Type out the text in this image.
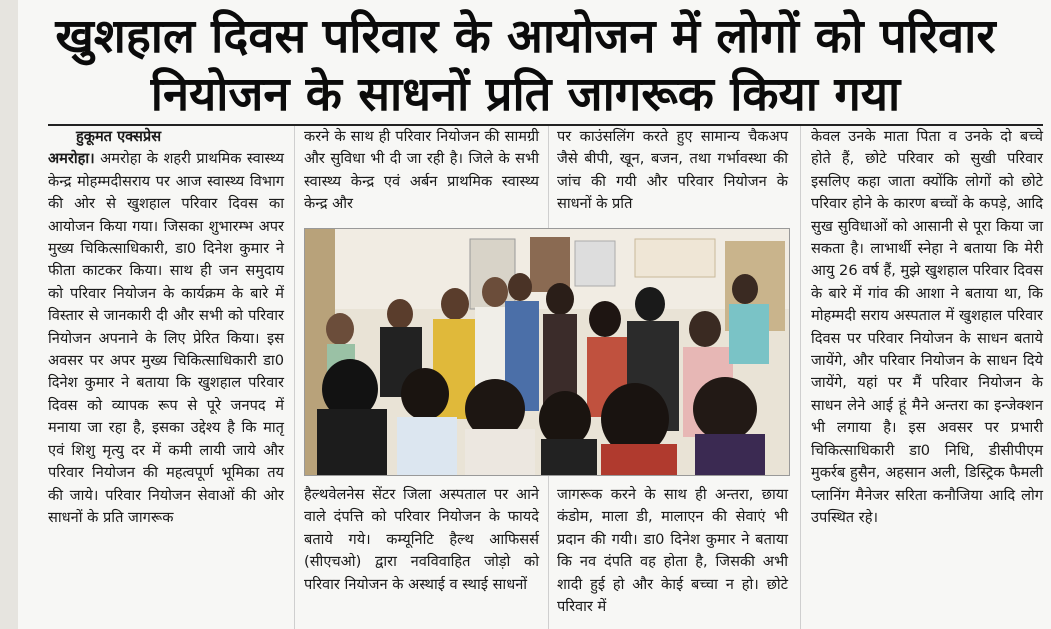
खुशहाल दिवस परिवार के आयोजन में लोगों को परिवार
नियोजन के साधनों प्रति जागरूक किया गया
हुकूमत एक्सप्रेस

अमरोहा। अमरोहा के शहरी प्राथमिक स्वास्थ्य केन्द्र मोहम्मदीसराय पर आज स्वास्थ्य विभाग की ओर से खुशहाल परिवार दिवस का आयोजन किया गया। जिसका शुभारम्भ अपर मुख्य चिकित्साधिकारी, डा0 दिनेश कुमार ने फीता काटकर किया। साथ ही जन समुदाय को परिवार नियोजन के कार्यक्रम के बारे में विस्तार से जानकारी दी और सभी को परिवार नियोजन अपनाने के लिए प्रेरित किया। इस अवसर पर अपर मुख्य चिकित्साधिकारी डा0 दिनेश कुमार ने बताया कि खुशहाल परिवार दिवस को व्यापक रूप से पूरे जनपद में मनाया जा रहा है, इसका उद्देश्य है कि मातृ एवं शिशु मृत्यु दर में कमी लायी जाये और परिवार नियोजन की महत्वपूर्ण भूमिका तय की जाये। परिवार नियोजन सेवाओं की ओर साधनों के प्रति जागरूक

करने के साथ ही परिवार नियोजन की सामग्री और सुविधा भी दी जा रही है। जिले के सभी स्वास्थ्य केन्द्र एवं अर्बन प्राथमिक स्वास्थ्य केन्द्र और

पर काउंसलिंग करते हुए सामान्य चैकअप जैसे बीपी, खून, बजन, तथा गर्भावस्था की जांच की गयी और परिवार नियोजन के साधनों के प्रति

हैल्थवेलनेस सेंटर जिला अस्पताल पर आने वाले दंपत्ति को परिवार नियोजन के फायदे बताये गये। कम्यूनिटि हैल्थ आफिसर्स (सीएचओ) द्वारा नवविवाहित जोड़ो को परिवार नियोजन के अस्थाई व स्थाई साधनों

जागरूक करने के साथ ही अन्तरा, छाया कंडोम, माला डी, मालाएन की सेवाएं भी प्रदान की गयी। डा0 दिनेश कुमार ने बताया कि नव दंपति वह होता है, जिसकी अभी शादी हुई हो और केाई बच्चा न हो। छोटे परिवार में

केवल उनके माता पिता व उनके दो बच्चे होते हैं, छोटे परिवार को सुखी परिवार इसलिए कहा जाता क्योंकि लोगों को छोटे परिवार होने के कारण बच्चों के कपड़े, आदि सुख सुविधाओं को आसानी से पूरा किया जा सकता है। लाभार्थी स्नेहा ने बताया कि मेरी आयु 26 वर्ष हैं, मुझे खुशहाल परिवार दिवस के बारे में गांव की आशा ने बताया था, कि मोहम्मदी सराय अस्पताल में खुशहाल परिवार दिवस पर परिवार नियोजन के साधन बताये जायेंगे, और परिवार नियोजन के साधन दिये जायेंगे, यहां पर मैं परिवार नियोजन के साधन लेने आई हूं मैने अन्तरा का इन्जेक्शन भी लगाया है। इस अवसर पर प्रभारी चिकित्साधिकारी डा0 निधि, डीसीपीएम मुकर्रब हुसैन, अहसान अली, डिस्ट्रिक फैमली प्लानिंग मैनेजर सरिता कनौजिया आदि लोग उपस्थित रहे।
